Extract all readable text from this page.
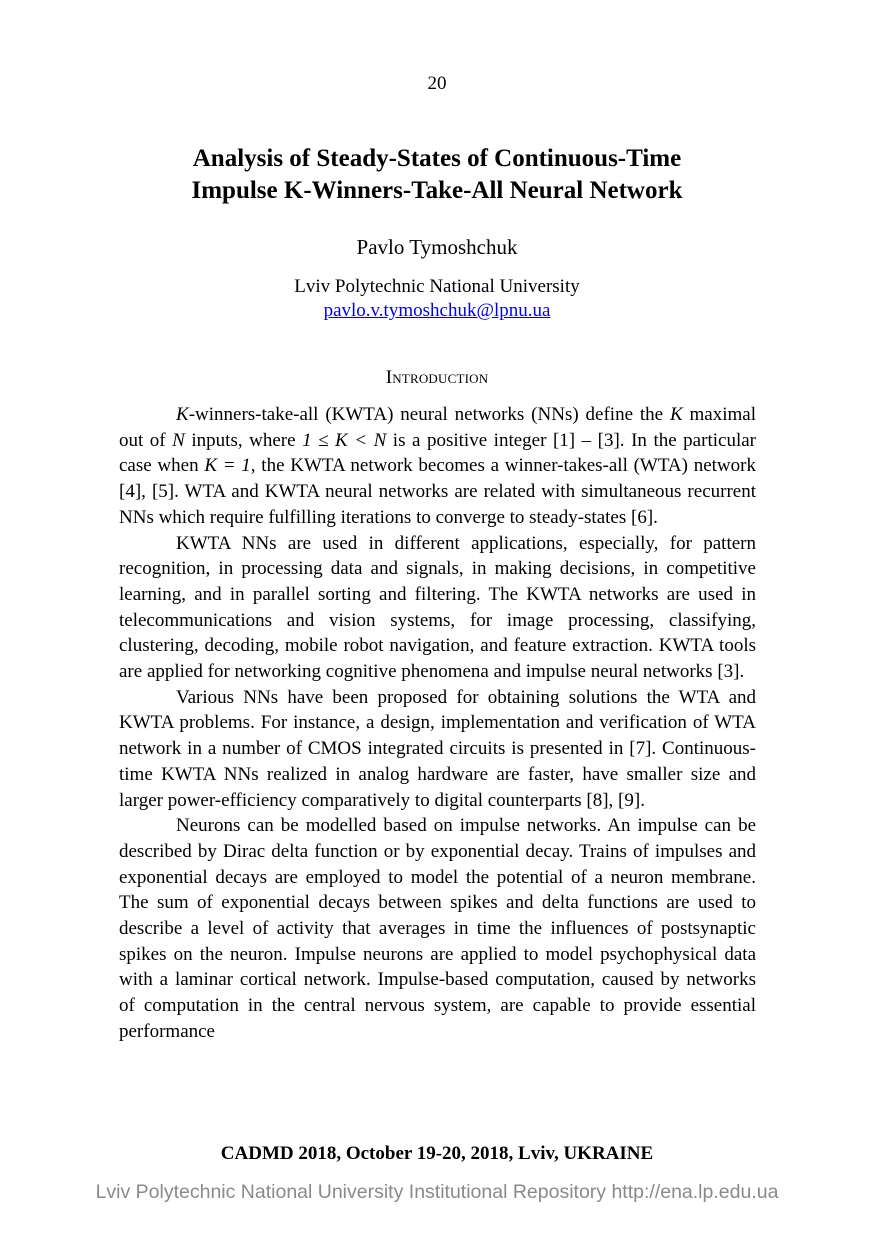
20
Analysis of Steady-States of Continuous-Time
Impulse K-Winners-Take-All Neural Network
Pavlo Tymoshchuk
Lviv Polytechnic National University
pavlo.v.tymoshchuk@lpnu.ua
Introduction

K-winners-take-all (KWTA) neural networks (NNs) define the K maximal out of N inputs, where 1 ≤ K < N is a positive integer [1] – [3]. In the particular case when K = 1, the KWTA network becomes a winner-takes-all (WTA) network [4], [5]. WTA and KWTA neural networks are related with simultaneous recurrent NNs which require fulfilling iterations to converge to steady-states [6].

KWTA NNs are used in different applications, especially, for pattern recognition, in processing data and signals, in making decisions, in competitive learning, and in parallel sorting and filtering. The KWTA networks are used in telecommunications and vision systems, for image processing, classifying, clustering, decoding, mobile robot navigation, and feature extraction. KWTA tools are applied for networking cognitive phenomena and impulse neural networks [3].

Various NNs have been proposed for obtaining solutions the WTA and KWTA problems. For instance, a design, implementation and verification of WTA network in a number of CMOS integrated circuits is presented in [7]. Continuous-time KWTA NNs realized in analog hardware are faster, have smaller size and larger power-efficiency comparatively to digital counterparts [8], [9].

Neurons can be modelled based on impulse networks. An impulse can be described by Dirac delta function or by exponential decay. Trains of impulses and exponential decays are employed to model the potential of a neuron membrane. The sum of exponential decays between spikes and delta functions are used to describe a level of activity that averages in time the influences of postsynaptic spikes on the neuron. Impulse neurons are applied to model psychophysical data with a laminar cortical network. Impulse-based computation, caused by networks of computation in the central nervous system, are capable to provide essential performance

CADMD 2018, October 19-20, 2018, Lviv, UKRAINE
Lviv Polytechnic National University Institutional Repository http://ena.lp.edu.ua
